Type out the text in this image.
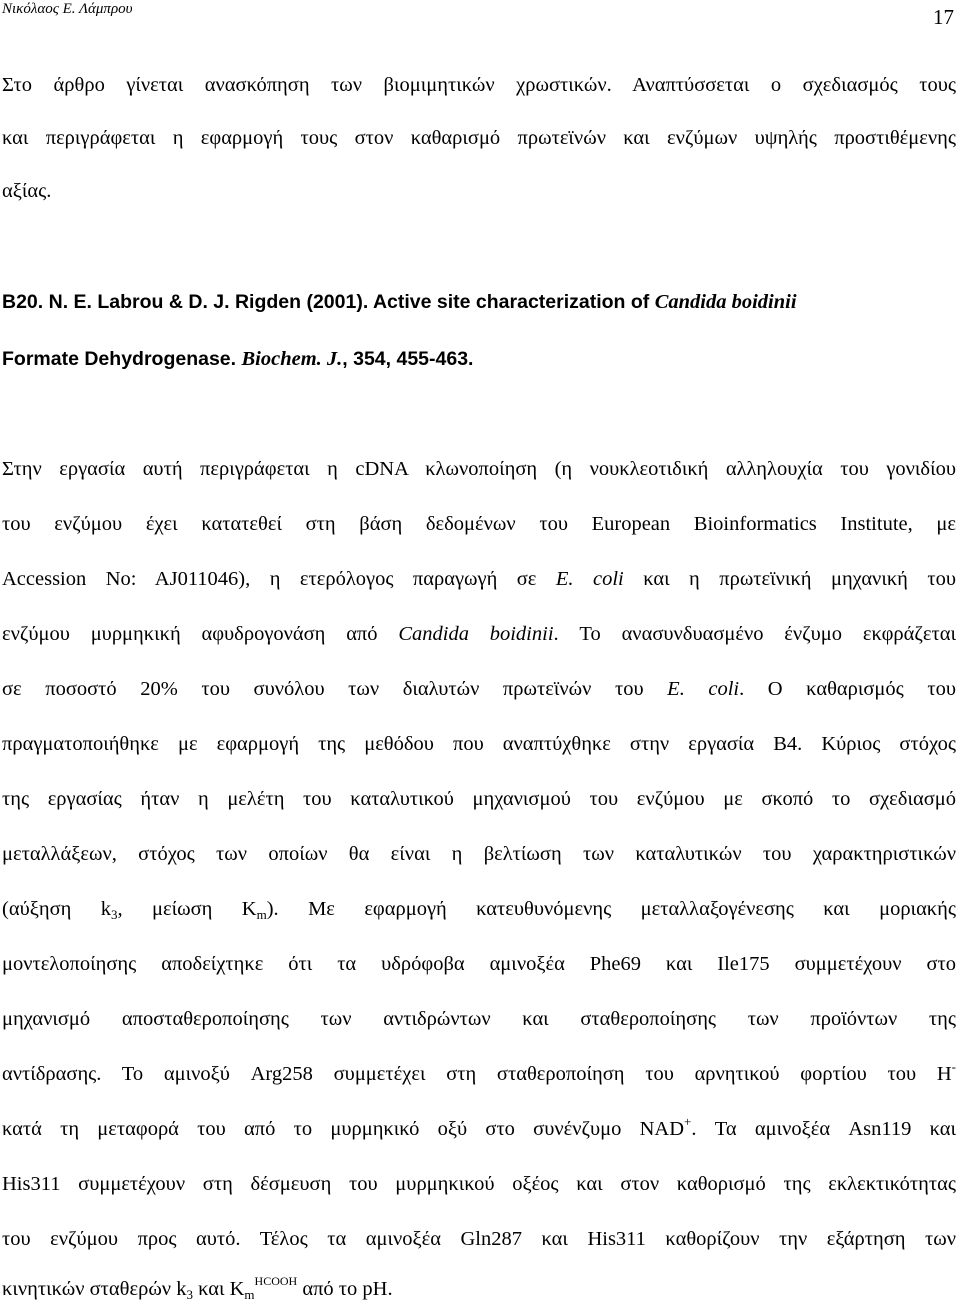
Νικόλαος Ε. Λάμπρου	17
Στο άρθρο γίνεται ανασκόπηση των βιομιμητικών χρωστικών. Αναπτύσσεται ο σχεδιασμός τους
και περιγράφεται η εφαρμογή τους στον καθαρισμό πρωτεϊνών και ενζύμων υψηλής προστιθέμενης
αξίας.
B20. N. E. Labrou & D. J. Rigden (2001). Active site characterization of Candida boidinii
Formate Dehydrogenase. Biochem. J., 354, 455-463.
Στην εργασία αυτή περιγράφεται η cDNA κλωνοποίηση (η νουκλεοτιδική αλληλουχία του γονιδίου
του ενζύμου έχει κατατεθεί στη βάση δεδομένων του European Bioinformatics Institute, με
Accession No: AJ011046), η ετερόλογος παραγωγή σε E. coli και η πρωτεϊνική μηχανική του
ενζύμου μυρμηκική αφυδρογονάση από Candida boidinii. Το ανασυνδυασμένο ένζυμο εκφράζεται
σε ποσοστό 20% του συνόλου των διαλυτών πρωτεϊνών του E. coli. Ο καθαρισμός του
πραγματοποιήθηκε με εφαρμογή της μεθόδου που αναπτύχθηκε στην εργασία Β4. Κύριος στόχος
της εργασίας ήταν η μελέτη του καταλυτικού μηχανισμού του ενζύμου με σκοπό το σχεδιασμό
μεταλλάξεων, στόχος των οποίων θα είναι η βελτίωση των καταλυτικών του χαρακτηριστικών
(αύξηση $k_3$, μείωση $K_m$). Με εφαρμογή κατευθυνόμενης μεταλλαξογένεσης και μοριακής
μοντελοποίησης αποδείχτηκε ότι τα υδρόφοβα αμινοξέα Phe69 και Ile175 συμμετέχουν στο
μηχανισμό αποσταθεροποίησης των αντιδρώντων και σταθεροποίησης των προϊόντων της
αντίδρασης. Το αμινοξύ Arg258 συμμετέχει στη σταθεροποίηση του αρνητικού φορτίου του H-
κατά τη μεταφορά του από το μυρμηκικό οξύ στο συνένζυμο NAD+. Τα αμινοξέα Asn119 και
His311 συμμετέχουν στη δέσμευση του μυρμηκικού οξέος και στον καθορισμό της εκλεκτικότητας
του ενζύμου προς αυτό. Τέλος τα αμινοξέα Gln287 και His311 καθορίζουν την εξάρτηση των
κινητικών σταθερών $k_3$ και $K_m^{HCOOH}$ από το pH.
